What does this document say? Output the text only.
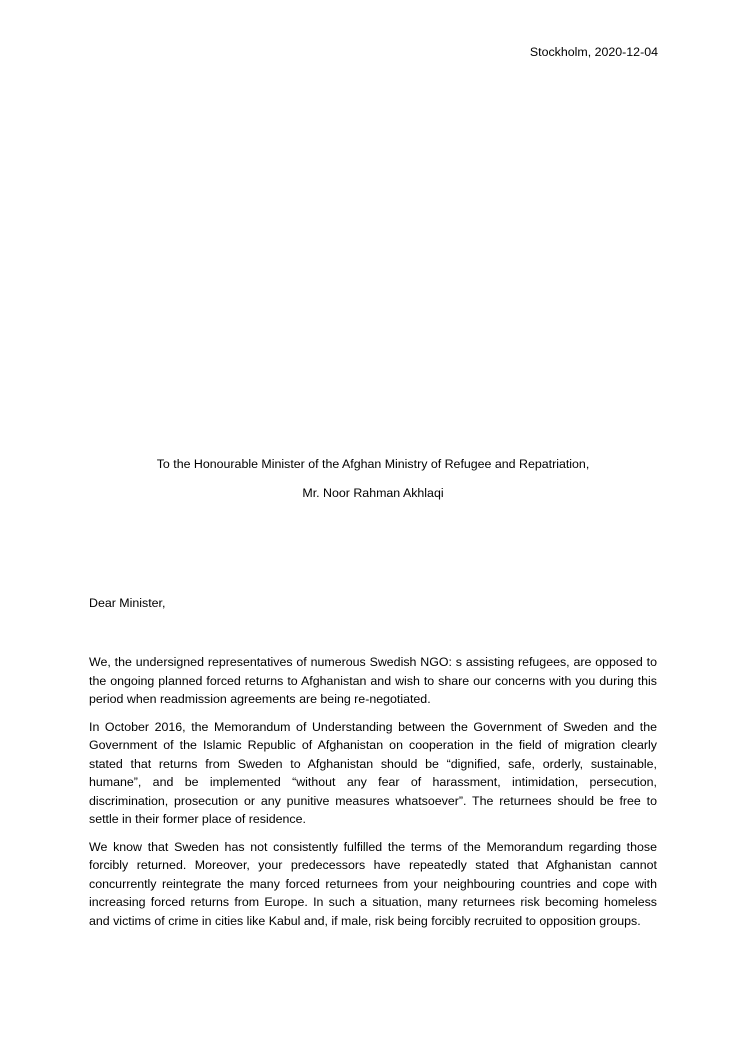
Stockholm, 2020-12-04
To the Honourable Minister of the Afghan Ministry of Refugee and Repatriation,
Mr. Noor Rahman Akhlaqi
Dear Minister,

We, the undersigned representatives of numerous Swedish NGO: s assisting refugees, are opposed to the ongoing planned forced returns to Afghanistan and wish to share our concerns with you during this period when readmission agreements are being re-negotiated.

In October 2016, the Memorandum of Understanding between the Government of Sweden and the Government of the Islamic Republic of Afghanistan on cooperation in the field of migration clearly stated that returns from Sweden to Afghanistan should be “dignified, safe, orderly, sustainable, humane”, and be implemented “without any fear of harassment, intimidation, persecution, discrimination, prosecution or any punitive measures whatsoever”. The returnees should be free to settle in their former place of residence.

We know that Sweden has not consistently fulfilled the terms of the Memorandum regarding those forcibly returned. Moreover, your predecessors have repeatedly stated that Afghanistan cannot concurrently reintegrate the many forced returnees from your neighbouring countries and cope with increasing forced returns from Europe. In such a situation, many returnees risk becoming homeless and victims of crime in cities like Kabul and, if male, risk being forcibly recruited to opposition groups.
